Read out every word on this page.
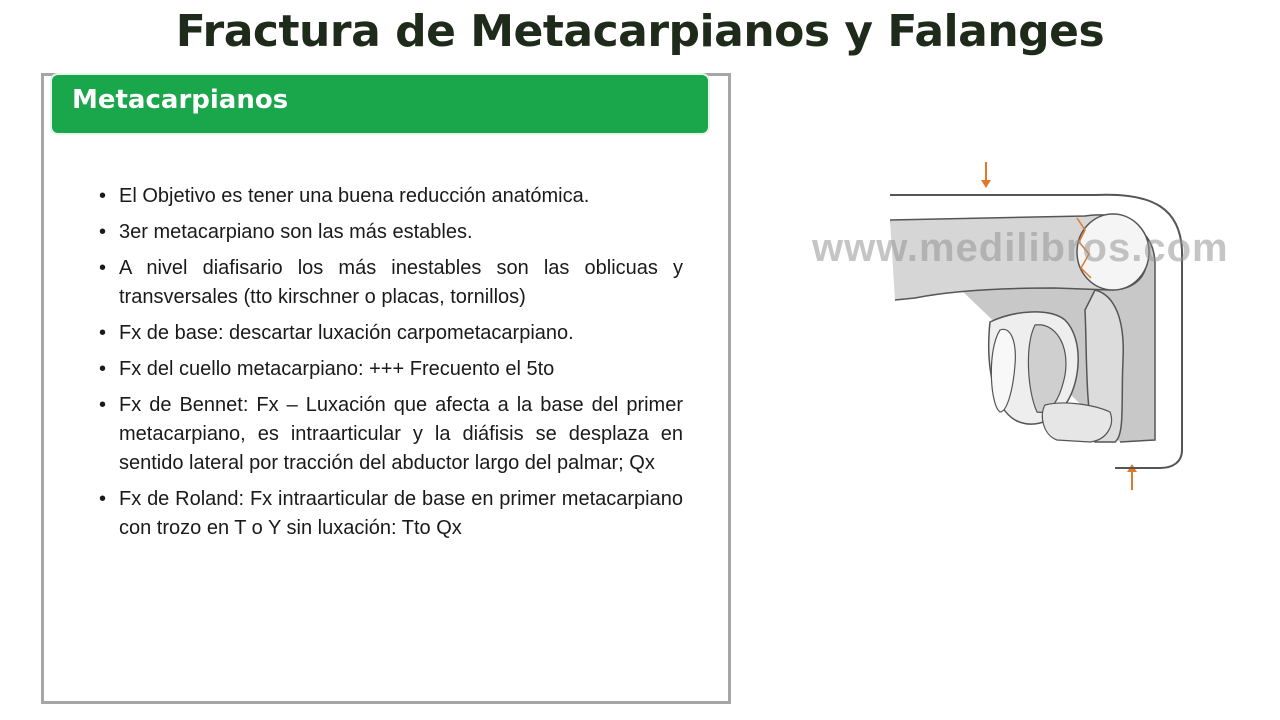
Fractura de Metacarpianos y Falanges
Metacarpianos
• El Objetivo es tener una buena reducción anatómica.
• 3er metacarpiano son las más estables.
• A nivel diafisario los más inestables son las oblicuas y transversales (tto kirschner o placas, tornillos)
• Fx de base: descartar luxación carpometacarpiano.
• Fx del cuello metacarpiano: +++ Frecuento el 5to
• Fx de Bennet: Fx – Luxación que afecta a la base del primer metacarpiano, es intraarticular y la diáfisis se desplaza en sentido lateral por tracción del abductor largo del palmar; Qx
• Fx de Roland: Fx intraarticular de base en primer metacarpiano con trozo en T o Y sin luxación: Tto Qx
www.medilibros.com
